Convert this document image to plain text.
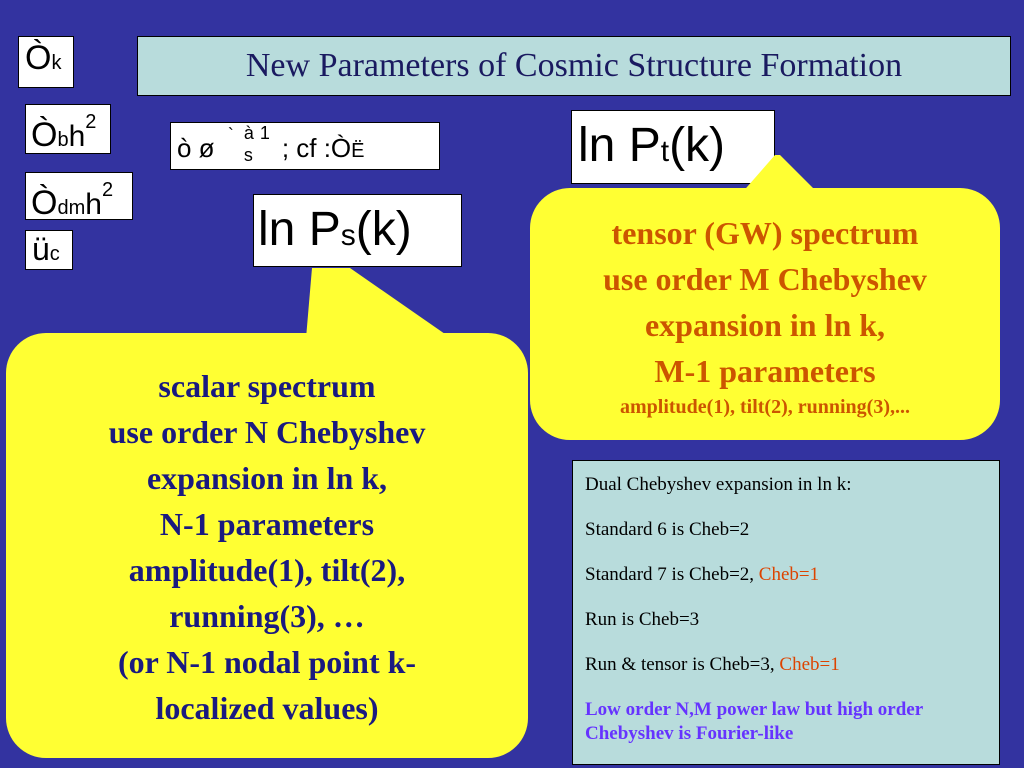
New Parameters of Cosmic Structure Formation
Òk
Òbh2
Òdmh2
üc
ò ø ` à 1
s ; cf :ÒË
ln Ps(k)
ln Pt(k)
scalar spectrum
use order N Chebyshev
expansion in ln k,
N-1 parameters
amplitude(1), tilt(2),
running(3), …
(or N-1 nodal point k-
localized values)
tensor (GW) spectrum
use order M Chebyshev
expansion in ln k,
M-1 parameters
amplitude(1), tilt(2), running(3),...

Dual Chebyshev expansion in ln k:

Standard 6 is Cheb=2

Standard 7 is Cheb=2, Cheb=1

Run is Cheb=3

Run & tensor is Cheb=3, Cheb=1

Low order N,M power law but high order Chebyshev is Fourier-like
